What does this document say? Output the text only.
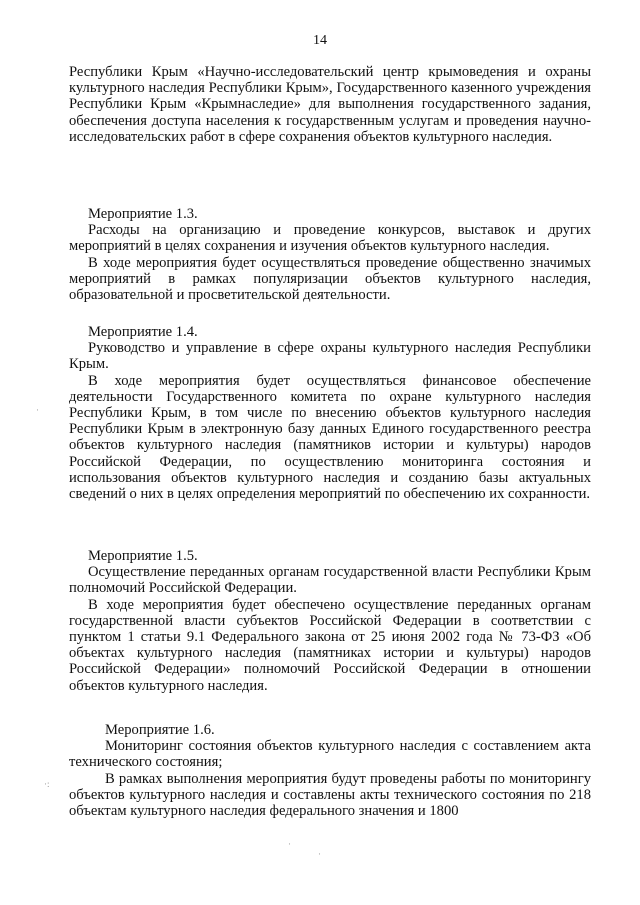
14

Республики Крым «Научно-исследовательский центр крымоведения и охраны культурного наследия Республики Крым», Государственного казенного учреждения Республики Крым «Крымнаследие» для выполнения государственного задания, обеспечения доступа населения к государственным услугам и проведения научно-исследовательских работ в сфере сохранения объектов культурного наследия.

Мероприятие 1.3.

Расходы на организацию и проведение конкурсов, выставок и других мероприятий в целях сохранения и изучения объектов культурного наследия.

В ходе мероприятия будет осуществляться проведение общественно значимых мероприятий в рамках популяризации объектов культурного наследия, образовательной и просветительской деятельности.

Мероприятие 1.4.

Руководство и управление в сфере охраны культурного наследия Республики Крым.

В ходе мероприятия будет осуществляться финансовое обеспечение деятельности Государственного комитета по охране культурного наследия Республики Крым, в том числе по внесению объектов культурного наследия Республики Крым в электронную базу данных Единого государственного реестра объектов культурного наследия (памятников истории и культуры) народов Российской Федерации, по осуществлению мониторинга состояния и использования объектов культурного наследия и созданию базы актуальных сведений о них в целях определения мероприятий по обеспечению их сохранности.

Мероприятие 1.5.

Осуществление переданных органам государственной власти Республики Крым полномочий Российской Федерации.

В ходе мероприятия будет обеспечено осуществление переданных органам государственной власти субъектов Российской Федерации в соответствии с пунктом 1 статьи 9.1 Федерального закона от 25 июня 2002 года № 73-ФЗ «Об объектах культурного наследия (памятниках истории и культуры) народов Российской Федерации» полномочий Российской Федерации в отношении объектов культурного наследия.

Мероприятие 1.6.

Мониторинг состояния объектов культурного наследия с составлением акта технического состояния;

В рамках выполнения мероприятия будут проведены работы по мониторингу объектов культурного наследия и составлены акты технического состояния по 218 объектам культурного наследия федерального значения и 1800

·
·:
·
·
